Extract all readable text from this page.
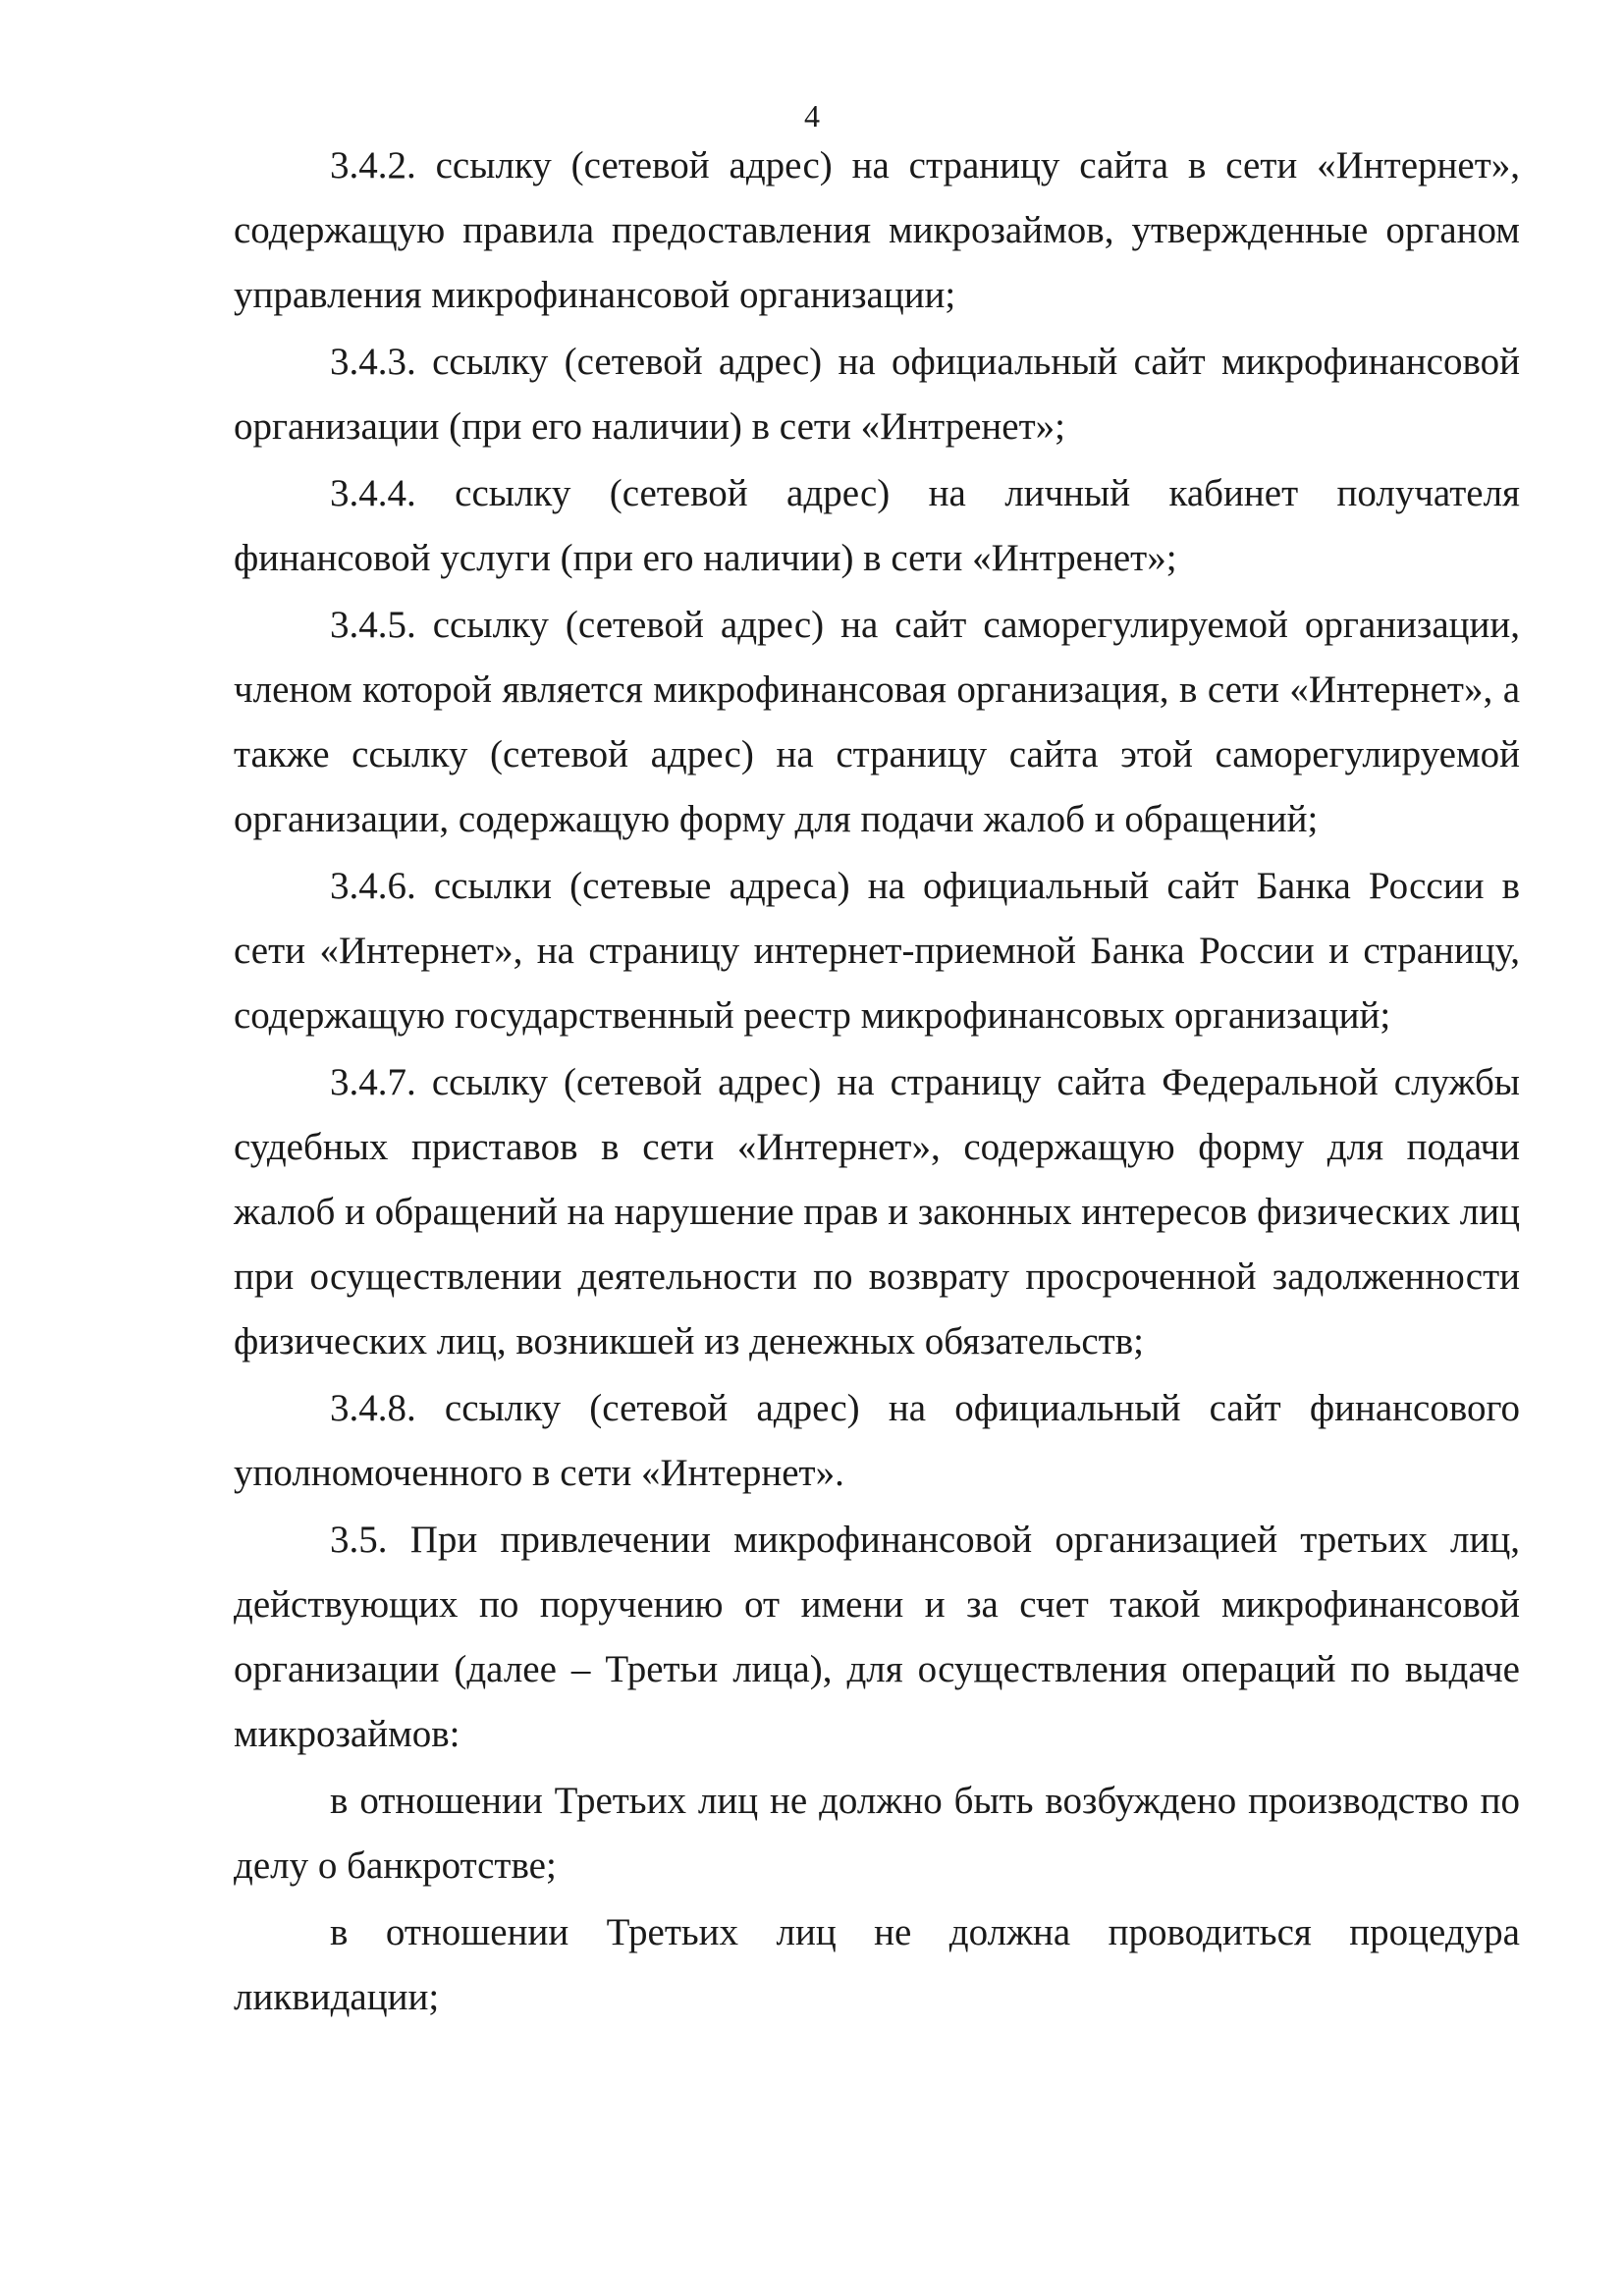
4

3.4.2. ссылку (сетевой адрес) на страницу сайта в сети «Интернет», содержащую правила предоставления микрозаймов, утвержденные органом управления микрофинансовой организации;

3.4.3. ссылку (сетевой адрес) на официальный сайт микрофинансовой организации (при его наличии) в сети «Интренет»;

3.4.4. ссылку (сетевой адрес) на личный кабинет получателя финансовой услуги (при его наличии) в сети «Интренет»;

3.4.5. ссылку (сетевой адрес) на сайт саморегулируемой организации, членом которой является микрофинансовая организация, в сети «Интернет», а также ссылку (сетевой адрес) на страницу сайта этой саморегулируемой организации, содержащую форму для подачи жалоб и обращений;

3.4.6. ссылки (сетевые адреса) на официальный сайт Банка России в сети «Интернет», на страницу интернет-приемной Банка России и страницу, содержащую государственный реестр микрофинансовых организаций;

3.4.7. ссылку (сетевой адрес) на страницу сайта Федеральной службы судебных приставов в сети «Интернет», содержащую форму для подачи жалоб и обращений на нарушение прав и законных интересов физических лиц при осуществлении деятельности по возврату просроченной задолженности физических лиц, возникшей из денежных обязательств;

3.4.8. ссылку (сетевой адрес) на официальный сайт финансового уполномоченного в сети «Интернет».

3.5. При привлечении микрофинансовой организацией третьих лиц, действующих по поручению от имени и за счет такой микрофинансовой организации (далее – Третьи лица), для осуществления операций по выдаче микрозаймов:

в отношении Третьих лиц не должно быть возбуждено производство по делу о банкротстве;

в отношении Третьих лиц не должна проводиться процедура ликвидации;
